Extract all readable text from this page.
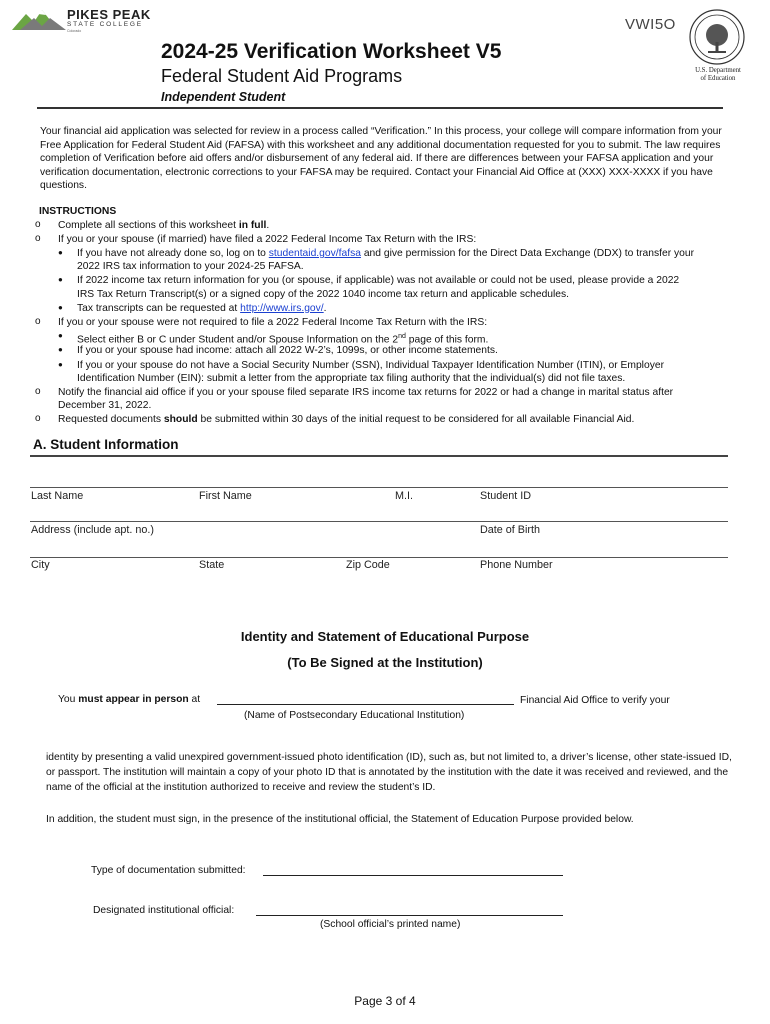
PIKES PEAK
STATE COLLEGE
Colorado	VWI5O
U.S. Department
of Education
2024-25 Verification Worksheet V5
Federal Student Aid Programs
Independent Student
Your financial aid application was selected for review in a process called “Verification.” In this process, your college will compare information from your Free Application for Federal Student Aid (FAFSA) with this worksheet and any additional documentation requested for you to submit. The law requires completion of Verification before aid offers and/or disbursement of any federal aid. If there are differences between your FAFSA application and your verification documentation, electronic corrections to your FAFSA may be required. Contact your Financial Aid Office at (XXX) XXX-XXXX if you have questions.
INSTRUCTIONS
o Complete all sections of this worksheet in full.
o If you or your spouse (if married) have filed a 2022 Federal Income Tax Return with the IRS:
● If you have not already done so, log on to studentaid.gov/fafsa and give permission for the Direct Data Exchange (DDX) to transfer your
2022 IRS tax information to your 2024-25 FAFSA.
● If 2022 income tax return information for you (or spouse, if applicable) was not available or could not be used, please provide a 2022
IRS Tax Return Transcript(s) or a signed copy of the 2022 1040 income tax return and applicable schedules.
● Tax transcripts can be requested at http://www.irs.gov/.
o If you or your spouse were not required to file a 2022 Federal Income Tax Return with the IRS:
● Select either B or C under Student and/or Spouse Information on the 2nd page of this form.
● If you or your spouse had income: attach all 2022 W-2’s, 1099s, or other income statements.
● If you or your spouse do not have a Social Security Number (SSN), Individual Taxpayer Identification Number (ITIN), or Employer
Identification Number (EIN): submit a letter from the appropriate tax filing authority that the individual(s) did not file taxes.
o Notify the financial aid office if you or your spouse filed separate IRS income tax returns for 2022 or had a change in marital status after
December 31, 2022.
o Requested documents should be submitted within 30 days of the initial request to be considered for all available Financial Aid.
A. Student Information
Last Name	First Name	M.I.	Student ID
Address (include apt. no.)	Date of Birth
City	State	Zip Code	Phone Number
Identity and Statement of Educational Purpose
(To Be Signed at the Institution)
You must appear in person at	Financial Aid Office to verify your
(Name of Postsecondary Educational Institution)
identity by presenting a valid unexpired government-issued photo identification (ID), such as, but not limited to, a driver’s license, other state-issued ID, or passport. The institution will maintain a copy of your photo ID that is annotated by the institution with the date it was received and reviewed, and the name of the official at the institution authorized to receive and review the student’s ID.
In addition, the student must sign, in the presence of the institutional official, the Statement of Education Purpose provided below.
Type of documentation submitted:
Designated institutional official:
(School official’s printed name)
Page 3 of 4
